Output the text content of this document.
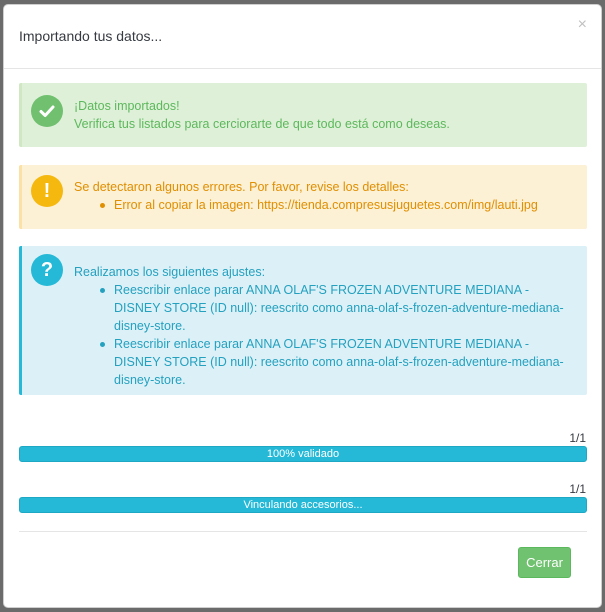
Importando tus datos...
×
¡Datos importados!
Verifica tus listados para cerciorarte de que todo está como deseas.
!	Se detectaron algunos errores. Por favor, revise los detalles:
Error al copiar la imagen: https://tienda.compresusjuguetes.com/img/lauti.jpg
?	Realizamos los siguientes ajustes:
Reescribir enlace parar ANNA OLAF'S FROZEN ADVENTURE MEDIANA - DISNEY STORE (ID null): reescrito como anna-olaf-s-frozen-adventure-mediana-disney-store.
Reescribir enlace parar ANNA OLAF'S FROZEN ADVENTURE MEDIANA - DISNEY STORE (ID null): reescrito como anna-olaf-s-frozen-adventure-mediana-disney-store.
1/1
100% validado
1/1
Vinculando accesorios...
Cerrar
